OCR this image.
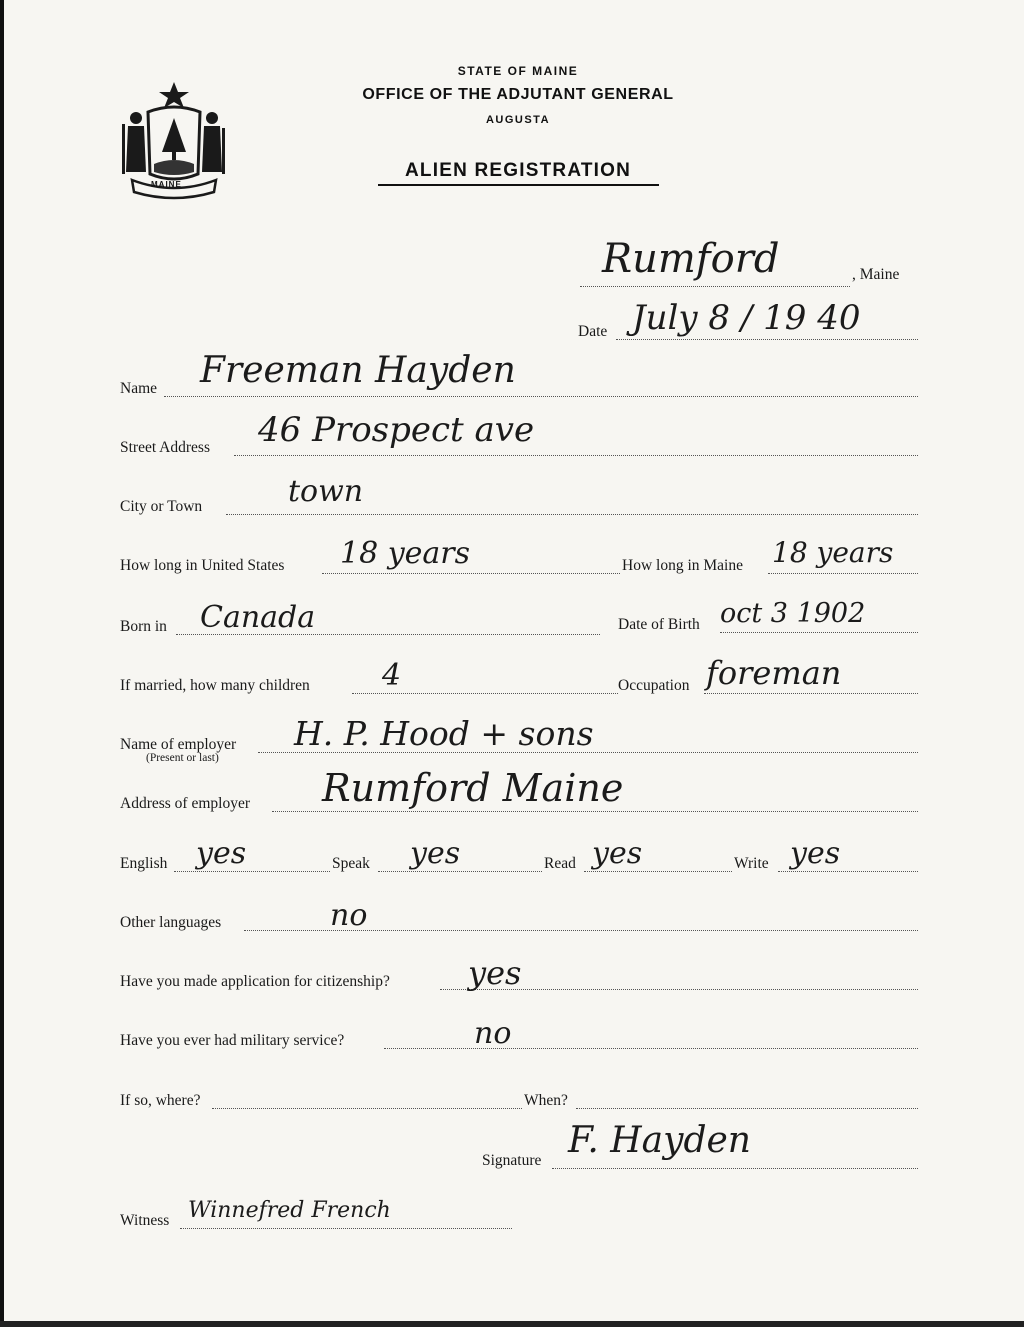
MAINE
STATE OF MAINE
OFFICE OF THE ADJUTANT GENERAL
AUGUSTA
ALIEN REGISTRATION
Rumford	, Maine
Date July 8 / 19 40
Name Freeman Hayden
Street Address 46 Prospect ave
City or Town	town
How long in United States 18 years	How long in Maine 18 years
Born in Canada	Date of Birth oct 3 1902
If married, how many children 4	Occupation foreman
Name of employer
(Present or last)
H. P. Hood + sons
Address of employer Rumford Maine
English yes	Speak yes	Read yes	Write yes
Other languages	no
Have you made application for citizenship? yes
Have you ever had military service?	no
If so, where?	When?
Signature F. Hayden
Witness Winnefred French
